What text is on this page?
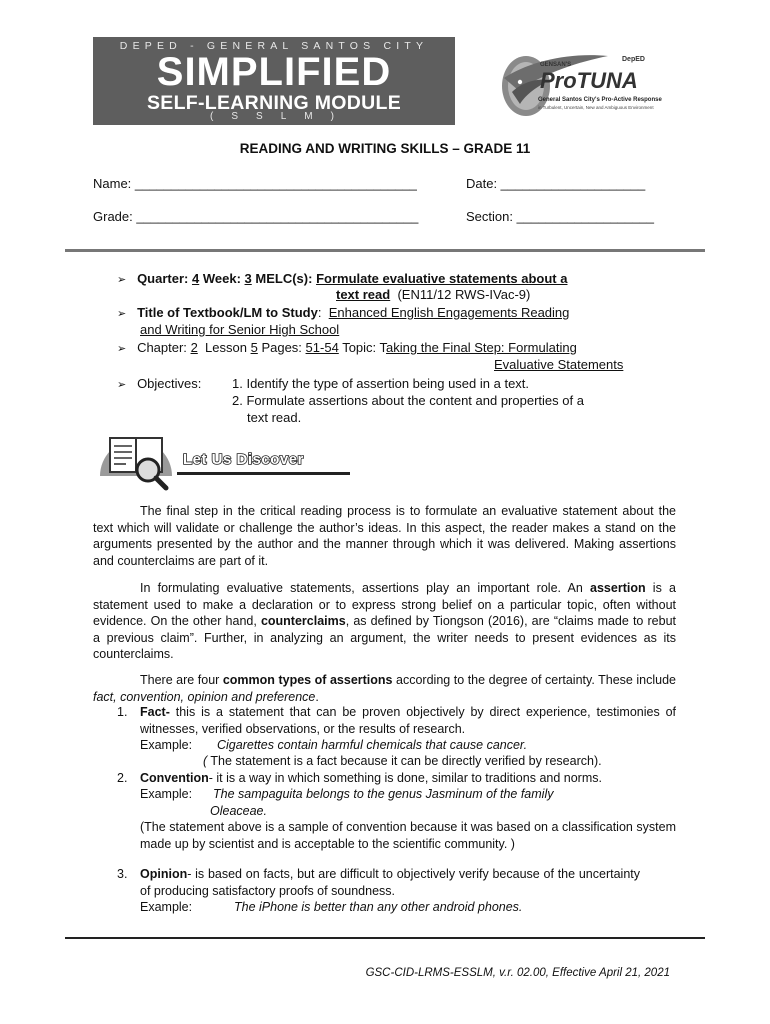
DEPED - GENERAL SANTOS CITY
SIMPLIFIED
SELF-LEARNING MODULE
(SSLM)
GENSAN'S
DepED
ProTUNA
General Santos City's Pro-Active Response
in Turbulent, Uncertain, New and Ambiguous Environment
READING AND WRITING SKILLS – GRADE 11
Name: _______________________________________	Date: ____________________
Grade: _______________________________________	Section: ___________________
➢ Quarter: 4 Week: 3 MELC(s): Formulate evaluative statements about a
text read (EN11/12 RWS-IVac-9)
➢ Title of Textbook/LM to Study:  Enhanced English Engagements Reading
and Writing for Senior High School
➢ Chapter: 2 Lesson 5 Pages: 51-54 Topic: Taking the Final Step: Formulating
Evaluative Statements
➢ Objectives: 1. Identify the type of assertion being used in a text.
2. Formulate assertions about the content and properties of a
text read.
Let Us Discover
The final step in the critical reading process is to formulate an evaluative statement about the text which will validate or challenge the author’s ideas. In this aspect, the reader makes a stand on the arguments presented by the author and the manner through which it was delivered. Making assertions and counterclaims are part of it.
In formulating evaluative statements, assertions play an important role. An assertion is a statement used to make a declaration or to express strong belief on a particular topic, often without evidence. On the other hand, counterclaims, as defined by Tiongson (2016), are “claims made to rebut a previous claim”. Further, in analyzing an argument, the writer needs to present evidences as its counterclaims.
There are four common types of assertions according to the degree of certainty. These include fact, convention, opinion and preference.
1. Fact- this is a statement that can be proven objectively by direct experience, testimonies of witnesses, verified observations, or the results of research.
Example: Cigarettes contain harmful chemicals that cause cancer.
( The statement is a fact because it can be directly verified by research).
2. Convention- it is a way in which something is done, similar to traditions and norms.
Example: The sampaguita belongs to the genus Jasminum of the family
Oleaceae.
(The statement above is a sample of convention because it was based on a classification system made up by scientist and is acceptable to the scientific community. )
3. Opinion- is based on facts, but are difficult to objectively verify because of the uncertainty of producing satisfactory proofs of soundness.
Example:	The iPhone is better than any other android phones.
GSC-CID-LRMS-ESSLM, v.r. 02.00, Effective April 21, 2021
